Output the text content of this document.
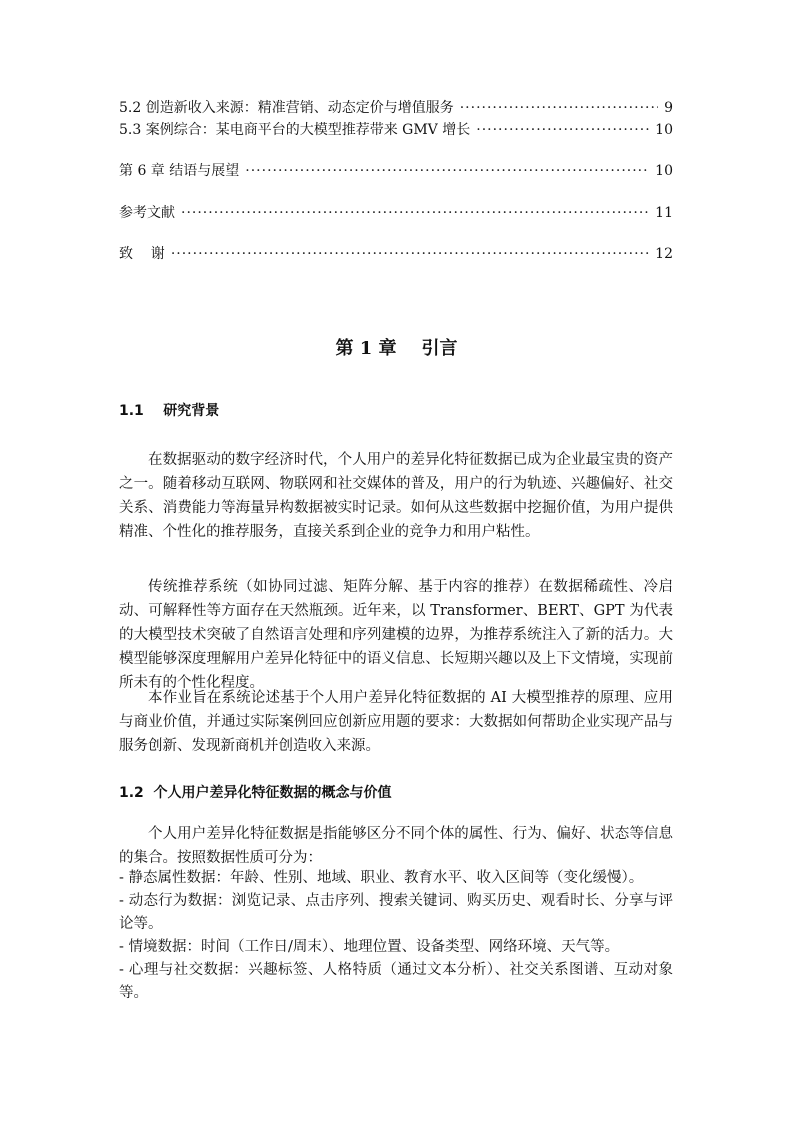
5.2 创造新收入来源：精准营销、动态定价与增值服务 ·····	9
5.3 案例综合：某电商平台的大模型推荐带来 GMV 增长 ·····	10
第 6 章 结语与展望 ·····	10
参考文献 ·····	11
致    谢 ·····	12
第 1 章    引言
1.1    研究背景
在数据驱动的数字经济时代，个人用户的差异化特征数据已成为企业最宝贵的资产之一。随着移动互联网、物联网和社交媒体的普及，用户的行为轨迹、兴趣偏好、社交关系、消费能力等海量异构数据被实时记录。如何从这些数据中挖掘价值，为用户提供精准、个性化的推荐服务，直接关系到企业的竞争力和用户粘性。
传统推荐系统（如协同过滤、矩阵分解、基于内容的推荐）在数据稀疏性、冷启动、可解释性等方面存在天然瓶颈。近年来，以 Transformer、BERT、GPT 为代表的大模型技术突破了自然语言处理和序列建模的边界，为推荐系统注入了新的活力。大模型能够深度理解用户差异化特征中的语义信息、长短期兴趣以及上下文情境，实现前所未有的个性化程度。
本作业旨在系统论述基于个人用户差异化特征数据的 AI 大模型推荐的原理、应用与商业价值，并通过实际案例回应创新应用题的要求：大数据如何帮助企业实现产品与服务创新、发现新商机并创造收入来源。
1.2  个人用户差异化特征数据的概念与价值
个人用户差异化特征数据是指能够区分不同个体的属性、行为、偏好、状态等信息的集合。按照数据性质可分为：
- 静态属性数据：年龄、性别、地域、职业、教育水平、收入区间等（变化缓慢）。
- 动态行为数据：浏览记录、点击序列、搜索关键词、购买历史、观看时长、分享与评论等。
- 情境数据：时间（工作日/周末）、地理位置、设备类型、网络环境、天气等。
- 心理与社交数据：兴趣标签、人格特质（通过文本分析）、社交关系图谱、互动对象等。
